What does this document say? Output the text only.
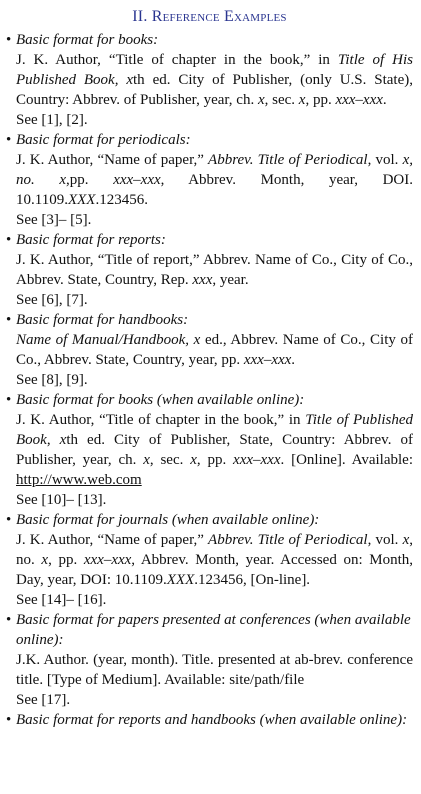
II. Reference Examples
• Basic format for books:
J. K. Author, “Title of chapter in the book,” in Title of His Published Book, xth ed. City of Publisher, (only U.S. State), Country: Abbrev. of Publisher, year, ch. x, sec. x, pp. xxx–xxx.
See [1], [2].
• Basic format for periodicals:
J. K. Author, “Name of paper,” Abbrev. Title of Periodical, vol. x, no. x,pp. xxx–xxx, Abbrev. Month, year, DOI. 10.1109.XXX.123456.
See [3]– [5].
• Basic format for reports:
J. K. Author, “Title of report,” Abbrev. Name of Co., City of Co., Abbrev. State, Country, Rep. xxx, year.
See [6], [7].
• Basic format for handbooks:
Name of Manual/Handbook, x ed., Abbrev. Name of Co., City of Co., Abbrev. State, Country, year, pp. xxx–xxx.
See [8], [9].
• Basic format for books (when available online):
J. K. Author, “Title of chapter in the book,” in Title of Published Book, xth ed. City of Publisher, State, Country: Abbrev. of Publisher, year, ch. x, sec. x, pp. xxx–xxx. [Online]. Available: http://www.web.com
See [10]– [13].
• Basic format for journals (when available online):
J. K. Author, “Name of paper,” Abbrev. Title of Periodical, vol. x, no. x, pp. xxx–xxx, Abbrev. Month, year. Accessed on: Month, Day, year, DOI: 10.1109.XXX.123456, [On-line].
See [14]– [16].
• Basic format for papers presented at conferences (when available online):
J.K. Author. (year, month). Title. presented at ab-brev. conference title. [Type of Medium]. Available: site/path/file
See [17].
• Basic format for reports and handbooks (when available online):
